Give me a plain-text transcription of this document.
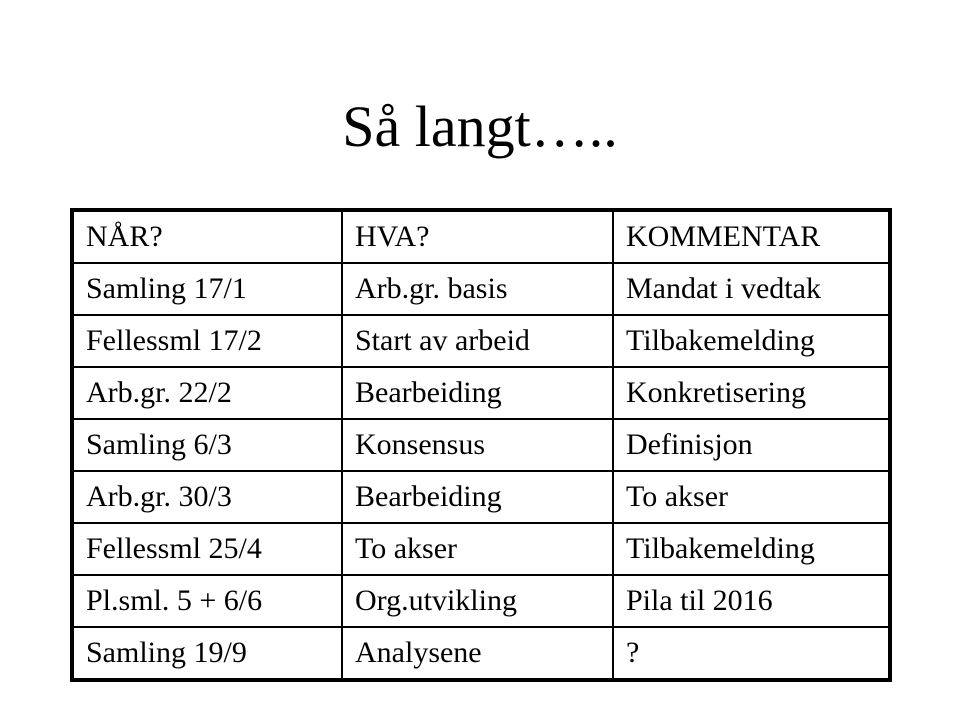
Så langt…..
NÅR?	HVA?	KOMMENTAR
Samling 17/1	Arb.gr. basis	Mandat i vedtak
Fellessml 17/2	Start av arbeid	Tilbakemelding
Arb.gr. 22/2	Bearbeiding	Konkretisering
Samling 6/3	Konsensus	Definisjon
Arb.gr. 30/3	Bearbeiding	To akser
Fellessml 25/4	To akser	Tilbakemelding
Pl.sml. 5 + 6/6	Org.utvikling	Pila til 2016
Samling 19/9	Analysene	?
